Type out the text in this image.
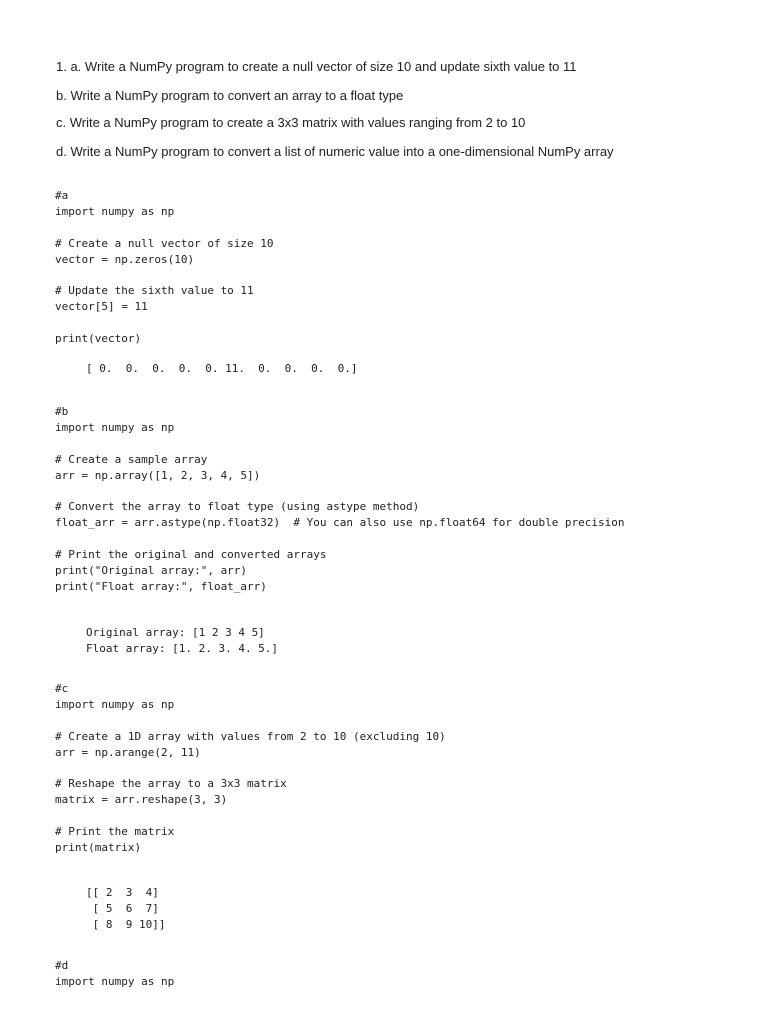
1. a. Write a NumPy program to create a null vector of size 10 and update sixth value to 11
b. Write a NumPy program to convert an array to a float type
c. Write a NumPy program to create a 3x3 matrix with values ranging from 2 to 10
d. Write a NumPy program to convert a list of numeric value into a one-dimensional NumPy array
#a
import numpy as np

# Create a null vector of size 10
vector = np.zeros(10)

# Update the sixth value to 11
vector[5] = 11

print(vector)
[ 0.  0.  0.  0.  0. 11.  0.  0.  0.  0.]
#b
import numpy as np

# Create a sample array
arr = np.array([1, 2, 3, 4, 5])

# Convert the array to float type (using astype method)
float_arr = arr.astype(np.float32)  # You can also use np.float64 for double precision

# Print the original and converted arrays
print("Original array:", arr)
print("Float array:", float_arr)
Original array: [1 2 3 4 5]
Float array: [1. 2. 3. 4. 5.]
#c
import numpy as np

# Create a 1D array with values from 2 to 10 (excluding 10)
arr = np.arange(2, 11)

# Reshape the array to a 3x3 matrix
matrix = arr.reshape(3, 3)

# Print the matrix
print(matrix)
[[ 2  3  4]
[ 5  6  7]
[ 8  9 10]]
#d
import numpy as np
